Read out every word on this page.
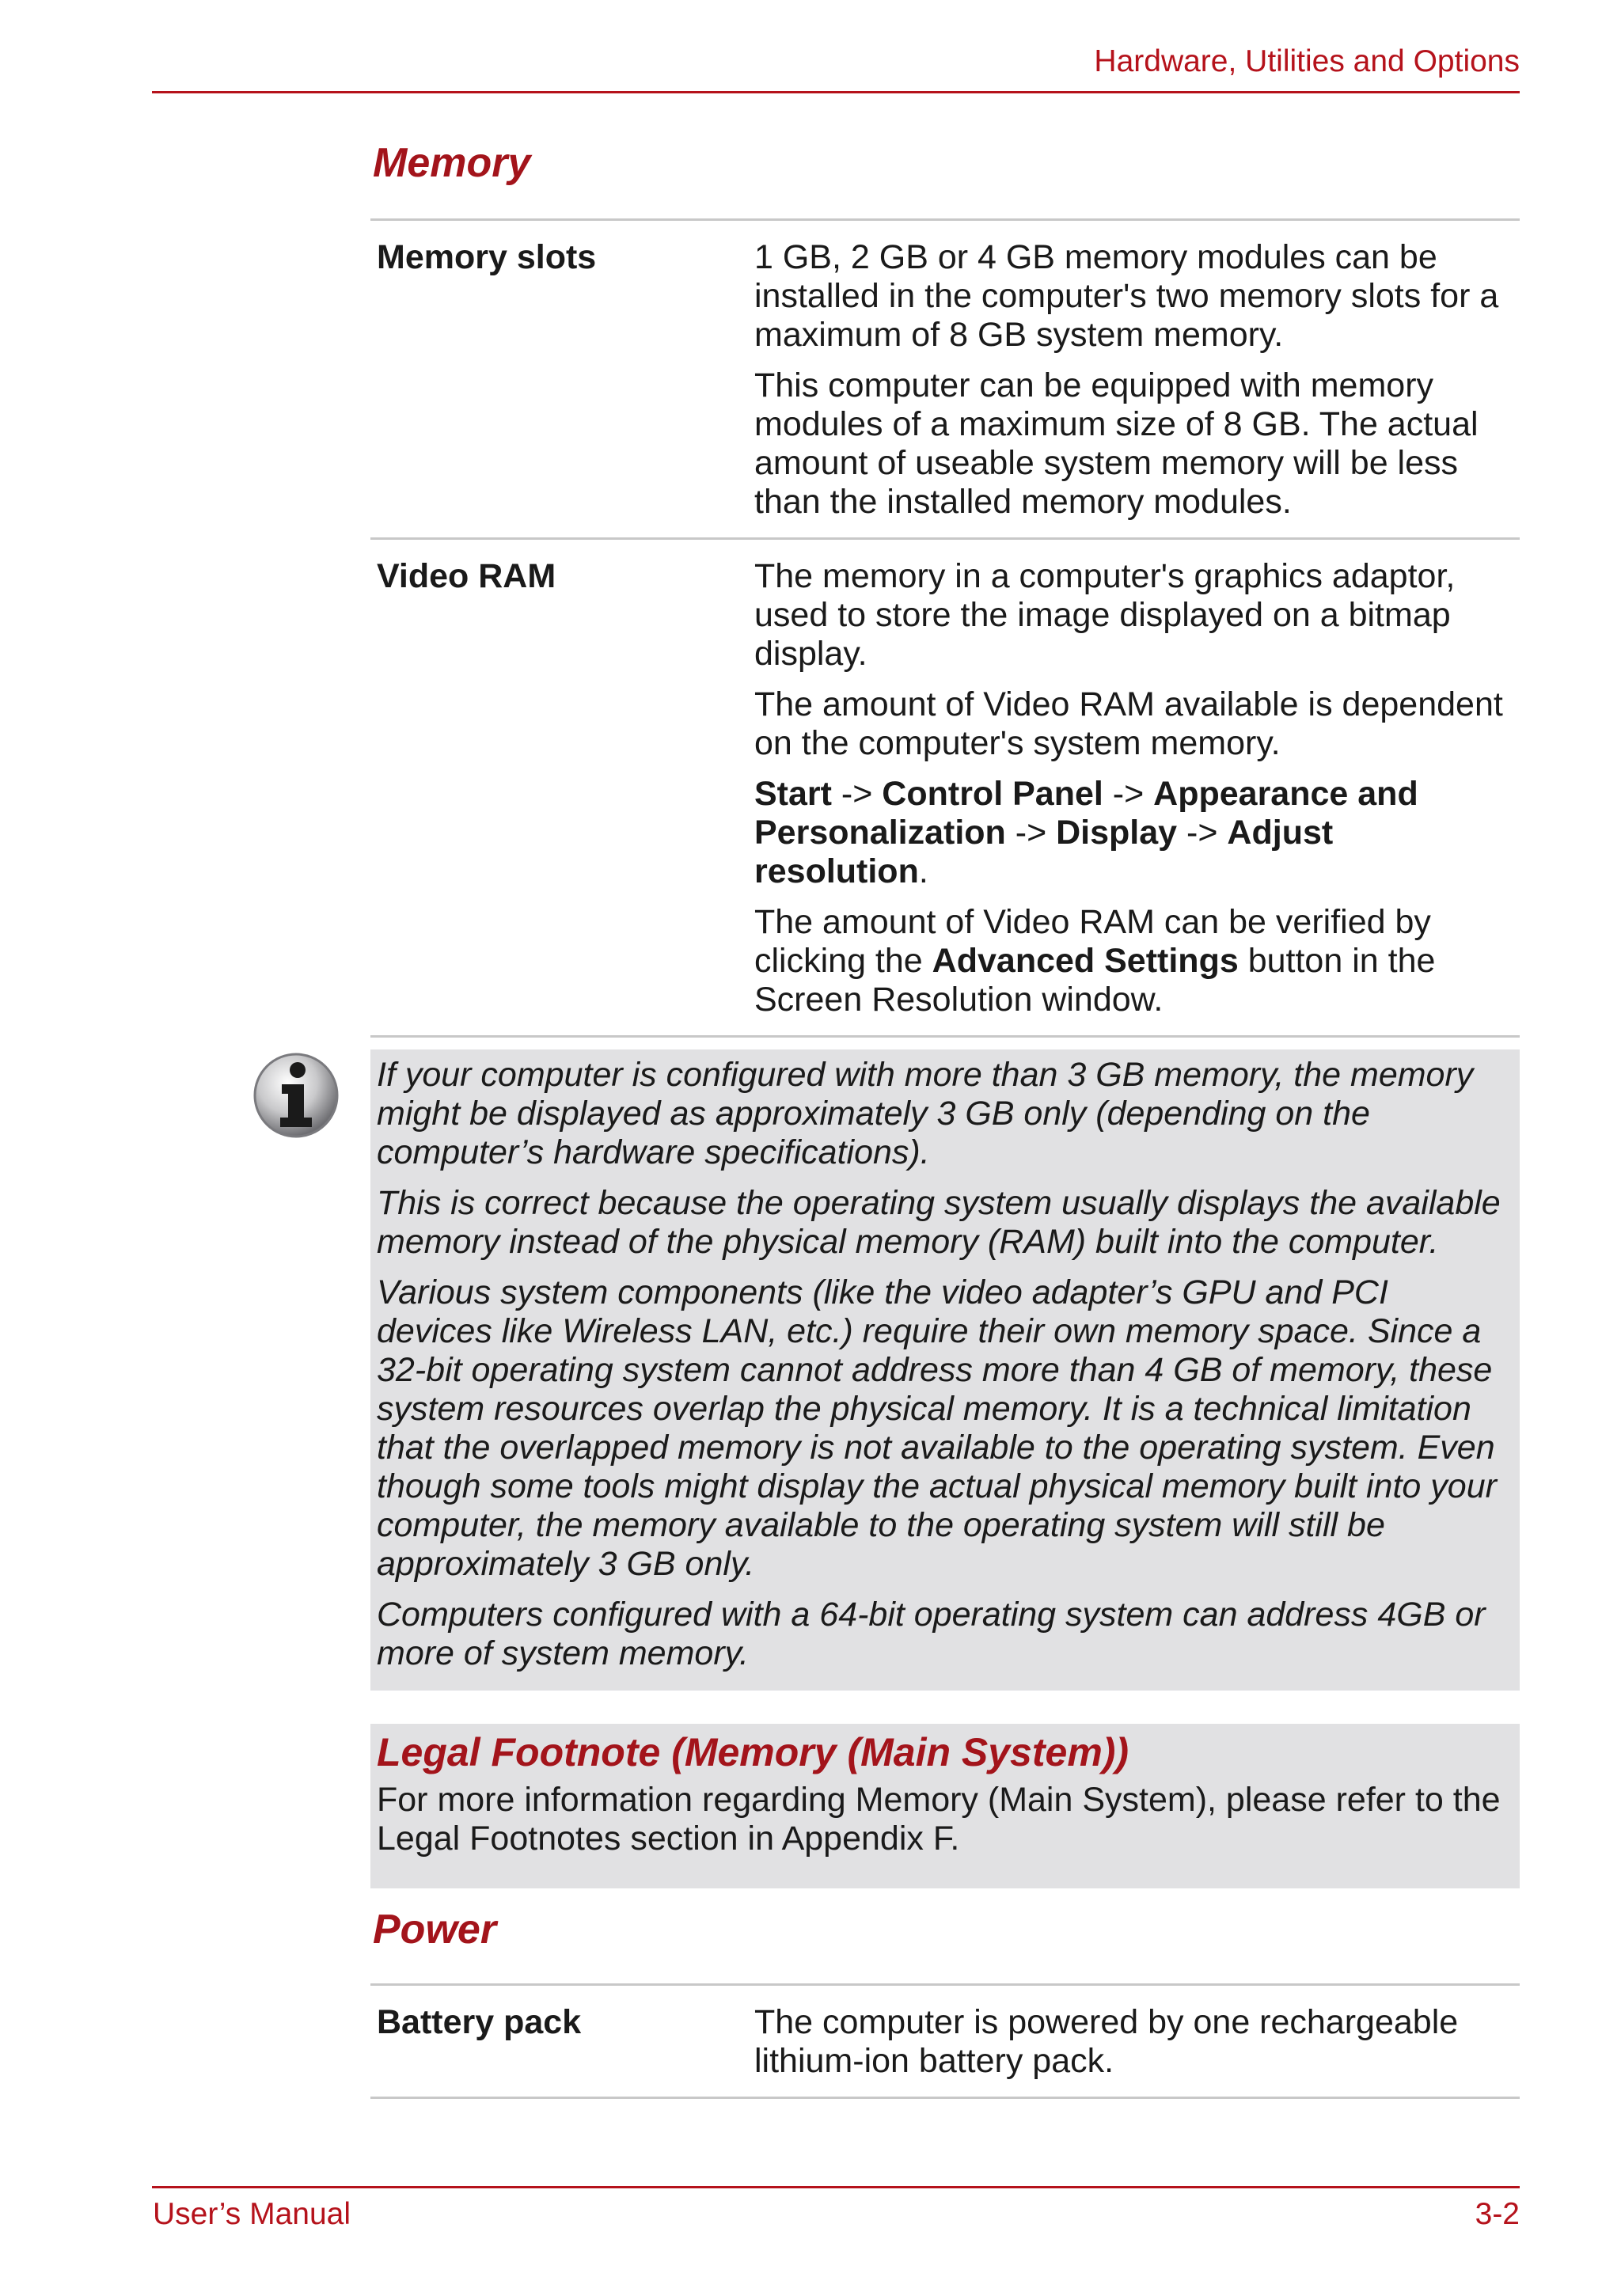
Hardware, Utilities and Options
Memory
Memory slots	1 GB, 2 GB or 4 GB memory modules can be installed in the computer's two memory slots for a maximum of 8 GB system memory.

This computer can be equipped with memory modules of a maximum size of 8 GB. The actual amount of useable system memory will be less than the installed memory modules.

Video RAM	The memory in a computer's graphics adaptor, used to store the image displayed on a bitmap display.

The amount of Video RAM available is dependent on the computer's system memory.

Start -> Control Panel -> Appearance and Personalization -> Display -> Adjust resolution.

The amount of Video RAM can be verified by clicking the Advanced Settings button in the Screen Resolution window.

If your computer is configured with more than 3 GB memory, the memory might be displayed as approximately 3 GB only (depending on the computer’s hardware specifications).

This is correct because the operating system usually displays the available memory instead of the physical memory (RAM) built into the computer.

Various system components (like the video adapter’s GPU and PCI devices like Wireless LAN, etc.) require their own memory space. Since a 32-bit operating system cannot address more than 4 GB of memory, these system resources overlap the physical memory. It is a technical limitation that the overlapped memory is not available to the operating system. Even though some tools might display the actual physical memory built into your computer, the memory available to the operating system will still be approximately 3 GB only.

Computers configured with a 64-bit operating system can address 4GB or more of system memory.

Legal Footnote (Memory (Main System))
For more information regarding Memory (Main System), please refer to the Legal Footnotes section in Appendix F.
Power
Battery pack	The computer is powered by one rechargeable lithium-ion battery pack.

User’s Manual	3-2
